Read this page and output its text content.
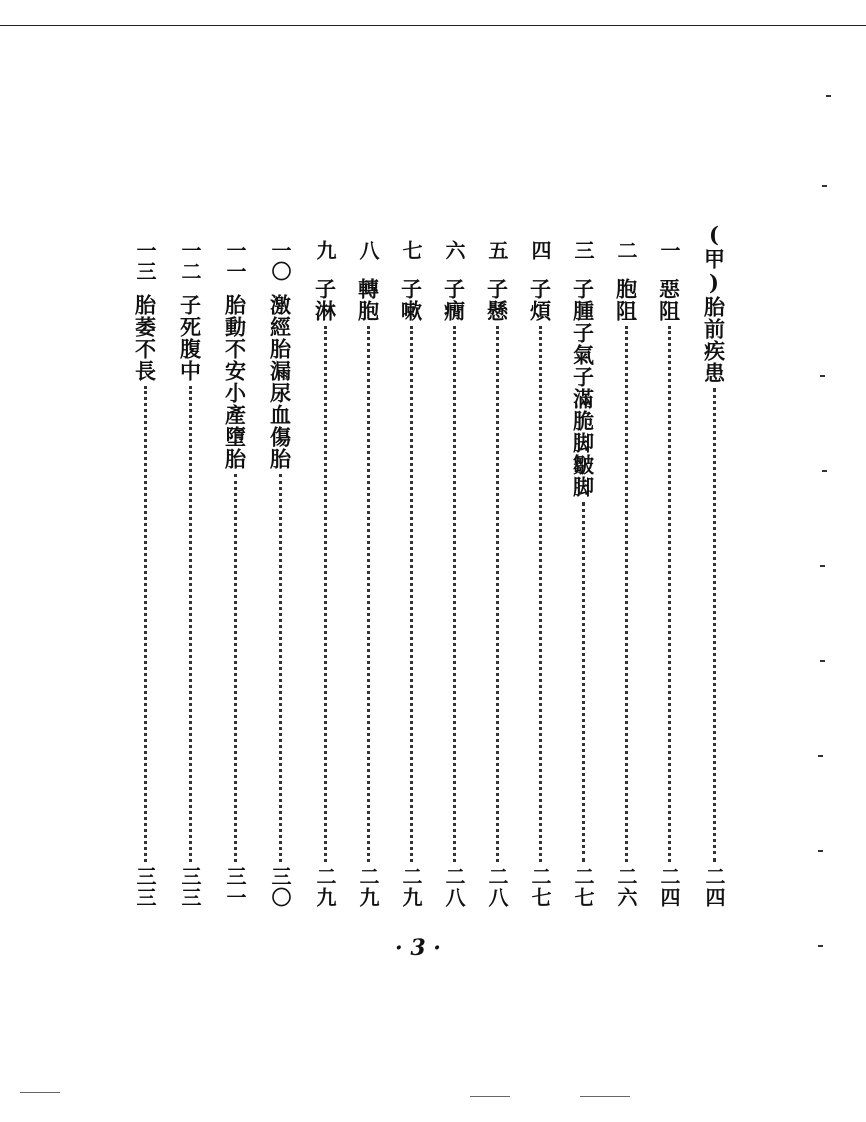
(甲)胎前疾患
二四
一
惡阻
二四
二
胞阻
二六
三
子腫子氣子滿脆脚皺脚
二七
四
子煩
二七
五
子懸
二八
六
子癇
二八
七
子嗽
二九
八
轉胞
二九
九
子淋
二九
一〇
激經胎漏尿血傷胎
三〇
一一
胎動不安小產墮胎
三一
一二
子死腹中
三三
一三
胎萎不長
三三
· 3 ·
